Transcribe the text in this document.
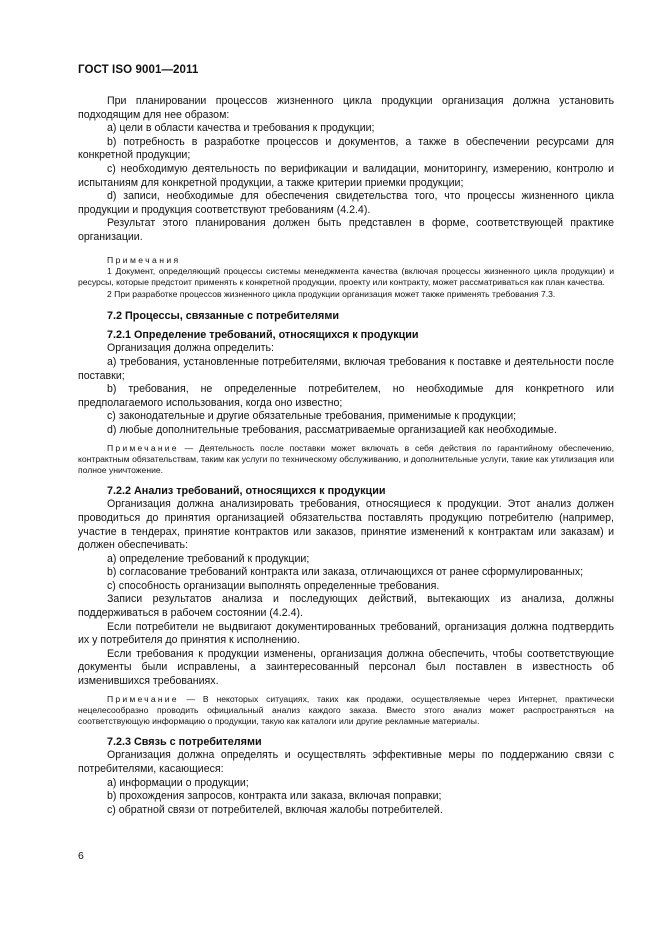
ГОСТ ISO 9001—2011

При планировании процессов жизненного цикла продукции организация должна установить подходящим для нее образом:

а) цели в области качества и требования к продукции;

b) потребность в разработке процессов и документов, а также в обеспечении ресурсами для конкретной продукции;

с) необходимую деятельность по верификации и валидации, мониторингу, измерению, контролю и испытаниям для конкретной продукции, а также критерии приемки продукции;

d) записи, необходимые для обеспечения свидетельства того, что процессы жизненного цикла продукции и продукция соответствуют требованиям (4.2.4).

Результат этого планирования должен быть представлен в форме, соответствующей практике организации.

Примечания

1 Документ, определяющий процессы системы менеджмента качества (включая процессы жизненного цикла продукции) и ресурсы, которые предстоит применять к конкретной продукции, проекту или контракту, может рассматриваться как план качества.

2 При разработке процессов жизненного цикла продукции организация может также применять требования 7.3.

7.2 Процессы, связанные с потребителями

7.2.1 Определение требований, относящихся к продукции

Организация должна определить:

а) требования, установленные потребителями, включая требования к поставке и деятельности после поставки;

b) требования, не определенные потребителем, но необходимые для конкретного или предполагаемого использования, когда оно известно;

с) законодательные и другие обязательные требования, применимые к продукции;

d) любые дополнительные требования, рассматриваемые организацией как необходимые.

Примечание — Деятельность после поставки может включать в себя действия по гарантийному обеспечению, контрактным обязательствам, таким как услуги по техническому обслуживанию, и дополнительные услуги, такие как утилизация или полное уничтожение.

7.2.2 Анализ требований, относящихся к продукции

Организация должна анализировать требования, относящиеся к продукции. Этот анализ должен проводиться до принятия организацией обязательства поставлять продукцию потребителю (например, участие в тендерах, принятие контрактов или заказов, принятие изменений к контрактам или заказам) и должен обеспечивать:

а) определение требований к продукции;

b) согласование требований контракта или заказа, отличающихся от ранее сформулированных;

с) способность организации выполнять определенные требования.

Записи результатов анализа и последующих действий, вытекающих из анализа, должны поддерживаться в рабочем состоянии (4.2.4).

Если потребители не выдвигают документированных требований, организация должна подтвердить их у потребителя до принятия к исполнению.

Если требования к продукции изменены, организация должна обеспечить, чтобы соответствующие документы были исправлены, а заинтересованный персонал был поставлен в известность об изменившихся требованиях.

Примечание — В некоторых ситуациях, таких как продажи, осуществляемые через Интернет, практически нецелесообразно проводить официальный анализ каждого заказа. Вместо этого анализ может распространяться на соответствующую информацию о продукции, такую как каталоги или другие рекламные материалы.

7.2.3 Связь с потребителями

Организация должна определять и осуществлять эффективные меры по поддержанию связи с потребителями, касающиеся:

а) информации о продукции;

b) прохождения запросов, контракта или заказа, включая поправки;

с) обратной связи от потребителей, включая жалобы потребителей.

6
